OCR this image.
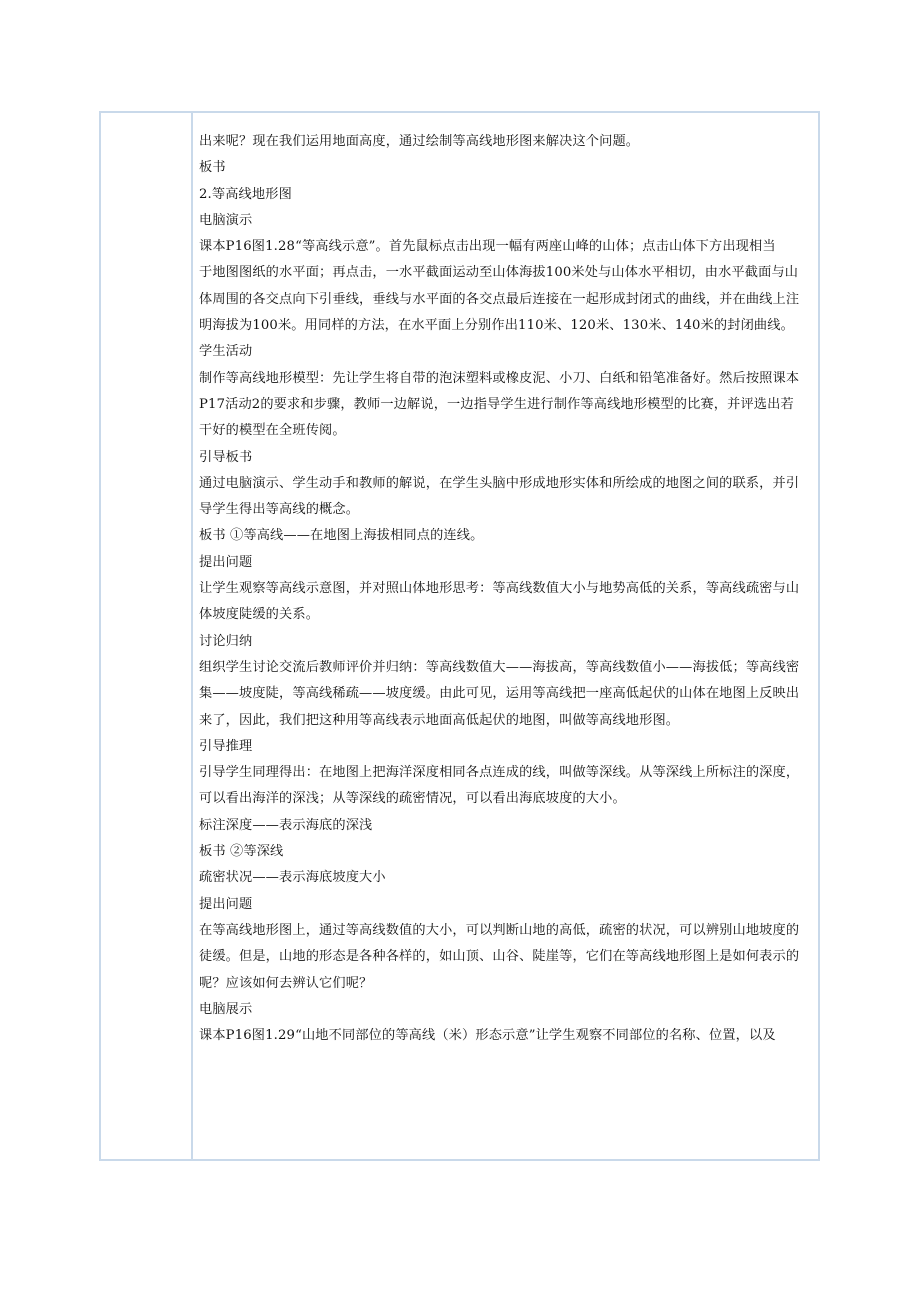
出来呢？现在我们运用地面高度，通过绘制等高线地形图来解决这个问题。
板书
2.等高线地形图
电脑演示
课本P16图1.28“等高线示意”。首先鼠标点击出现一幅有两座山峰的山体；点击山体下方出现相当
于地图图纸的水平面；再点击，一水平截面运动至山体海拔100米处与山体水平相切，由水平截面与山
体周围的各交点向下引垂线，垂线与水平面的各交点最后连接在一起形成封闭式的曲线，并在曲线上注
明海拔为100米。用同样的方法，在水平面上分别作出110米、120米、130米、140米的封闭曲线。
学生活动
制作等高线地形模型：先让学生将自带的泡沫塑料或橡皮泥、小刀、白纸和铅笔准备好。然后按照课本
P17活动2的要求和步骤，教师一边解说，一边指导学生进行制作等高线地形模型的比赛，并评选出若
干好的模型在全班传阅。
引导板书
通过电脑演示、学生动手和教师的解说，在学生头脑中形成地形实体和所绘成的地图之间的联系，并引
导学生得出等高线的概念。
板书 ①等高线——在地图上海拔相同点的连线。
提出问题
让学生观察等高线示意图，并对照山体地形思考：等高线数值大小与地势高低的关系，等高线疏密与山
体坡度陡缓的关系。
讨论归纳
组织学生讨论交流后教师评价并归纳：等高线数值大——海拔高，等高线数值小——海拔低；等高线密
集——坡度陡，等高线稀疏——坡度缓。由此可见，运用等高线把一座高低起伏的山体在地图上反映出
来了，因此，我们把这种用等高线表示地面高低起伏的地图，叫做等高线地形图。
引导推理
引导学生同理得出：在地图上把海洋深度相同各点连成的线，叫做等深线。从等深线上所标注的深度，
可以看出海洋的深浅；从等深线的疏密情况，可以看出海底坡度的大小。
标注深度——表示海底的深浅
板书 ②等深线
疏密状况——表示海底坡度大小
提出问题
在等高线地形图上，通过等高线数值的大小，可以判断山地的高低，疏密的状况，可以辨别山地坡度的
徒缓。但是，山地的形态是各种各样的，如山顶、山谷、陡崖等，它们在等高线地形图上是如何表示的
呢？应该如何去辨认它们呢？
电脑展示
课本P16图1.29“山地不同部位的等高线（米）形态示意”让学生观察不同部位的名称、位置，以及
